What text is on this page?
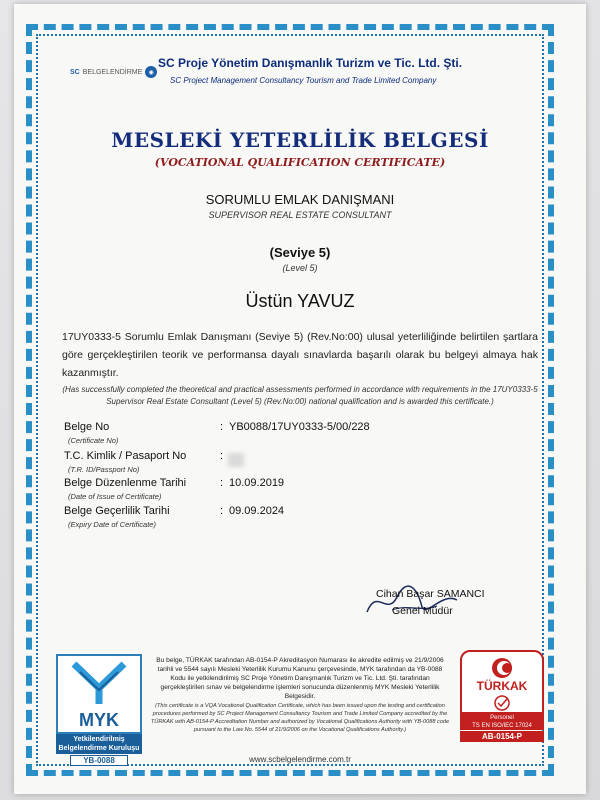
SC BELGELENDİRME	◉
SC Proje Yönetim Danışmanlık Turizm ve Tic. Ltd. Şti.
SC Project Management Consultancy Tourism and Trade Limited Company
MESLEKİ YETERLİLİK BELGESİ
(VOCATIONAL QUALIFICATION CERTIFICATE)
SORUMLU EMLAK DANIŞMANI
SUPERVISOR REAL ESTATE CONSULTANT
(Seviye 5)
(Level 5)
Üstün YAVUZ
17UY0333-5 Sorumlu Emlak Danışmanı (Seviye 5) (Rev.No:00) ulusal yeterliliğinde belirtilen şartlara göre gerçekleştirilen teorik ve performansa dayalı sınavlarda başarılı olarak bu belgeyi almaya hak kazanmıştır.
(Has successfully completed the theoretical and practical assessments performed in accordance with requirements in the 17UY0333-5 Supervisor Real Estate Consultant (Level 5) (Rev.No:00) national qualification and is awarded this certificate.)
Belge No
(Certificate No)
: YB0088/17UY0333-5/00/228
T.C. Kimlik / Pasaport No
(T.R. ID/Passport No)
:
Belge Düzenlenme Tarihi
(Date of Issue of Certificate)
: 10.09.2019
Belge Geçerlilik Tarihi
(Expiry Date of Certificate)
: 09.09.2024
Cihan Başar SAMANCI
Genel Müdür
MYK
Yetkilendirilmiş
Belgelendirme Kuruluşu
YB-0088
Bu belge, TÜRKAK tarafından AB-0154-P Akreditasyon Numarası ile akredite edilmiş ve 21/9/2006 tarihli ve 5544 sayılı Mesleki Yeterlilik Kurumu Kanunu çerçevesinde, MYK tarafından da YB-0088 Kodu ile yetkilendirilmiş SC Proje Yönetim Danışmanlık Turizm ve Tic. Ltd. Şti. tarafından gerçekleştirilen sınav ve belgelendirme işlemleri sonucunda düzenlenmiş MYK Mesleki Yeterlilik Belgesidir.
(This certificate is a VQA Vocational Qualification Certificate, which has been issued upon the testing and certification procedures performed by SC Project Management Consultancy Tourism and Trade Limited Company accredited by the TÜRKAK with AB-0154-P Accreditation Number and authorized by Vocational Qualifications Authority with YB-0088 code pursuant to the Law No. 5544 of 21/9/2006 on the Vocational Qualifications Authority.)
www.scbelgelendirme.com.tr
TÜRKAK
Personel
TS EN ISO/IEC 17024
AB-0154-P
